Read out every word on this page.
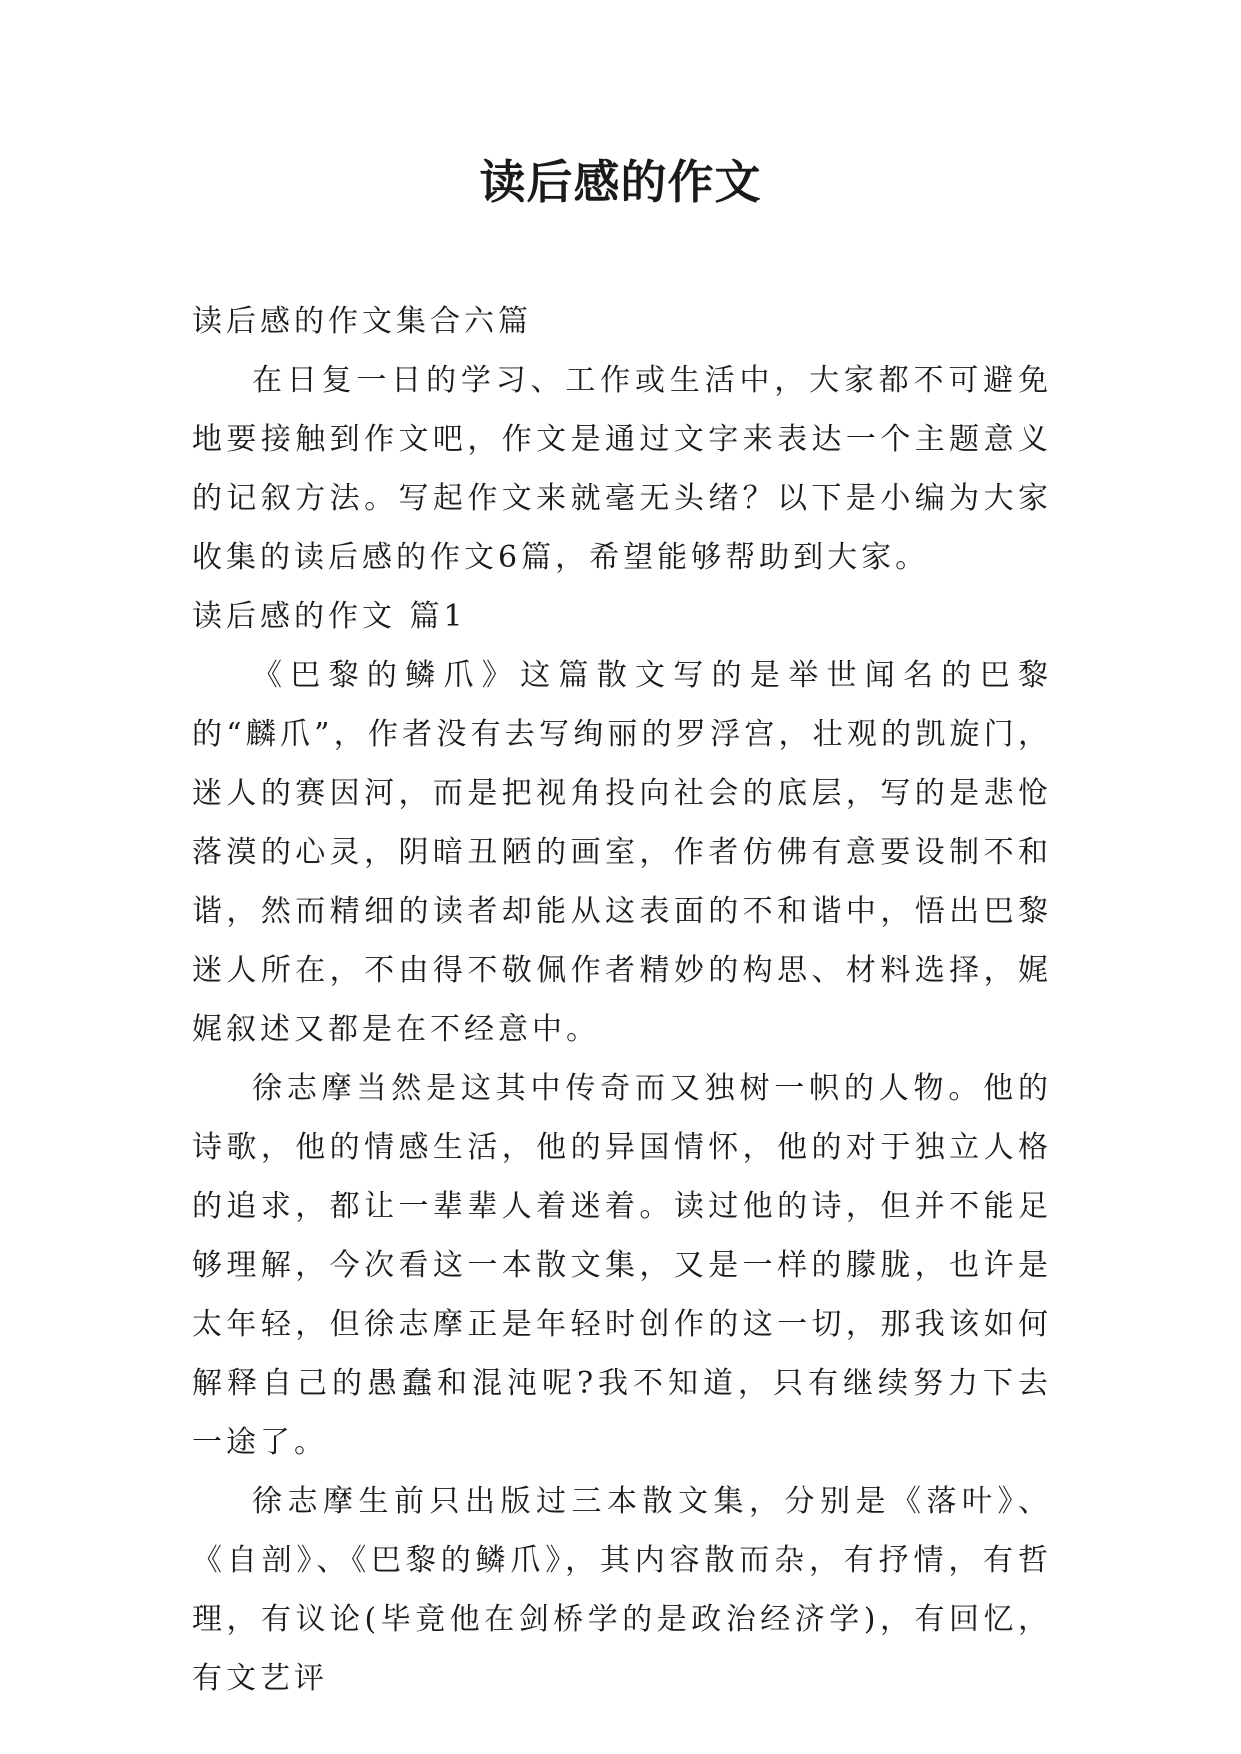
读后感的作文

读后感的作文集合六篇

在日复一日的学习、工作或生活中，大家都不可避免地要接触到作文吧，作文是通过文字来表达一个主题意义的记叙方法。写起作文来就毫无头绪？以下是小编为大家收集的读后感的作文6篇，希望能够帮助到大家。

读后感的作文 篇1

《巴黎的鳞爪》这篇散文写的是举世闻名的巴黎的“麟爪”，作者没有去写绚丽的罗浮宫，壮观的凯旋门，迷人的赛因河，而是把视角投向社会的底层，写的是悲怆落漠的心灵，阴暗丑陋的画室，作者仿佛有意要设制不和谐，然而精细的读者却能从这表面的不和谐中，悟出巴黎迷人所在，不由得不敬佩作者精妙的构思、材料选择，娓娓叙述又都是在不经意中。

徐志摩当然是这其中传奇而又独树一帜的人物。他的诗歌，他的情感生活，他的异国情怀，他的对于独立人格的追求，都让一辈辈人着迷着。读过他的诗，但并不能足够理解，今次看这一本散文集，又是一样的朦胧，也许是太年轻，但徐志摩正是年轻时创作的这一切，那我该如何解释自己的愚蠢和混沌呢?我不知道，只有继续努力下去一途了。

徐志摩生前只出版过三本散文集，分别是《落叶》、《自剖》、《巴黎的鳞爪》，其内容散而杂，有抒情，有哲理，有议论(毕竟他在剑桥学的是政治经济学)，有回忆，有文艺评
